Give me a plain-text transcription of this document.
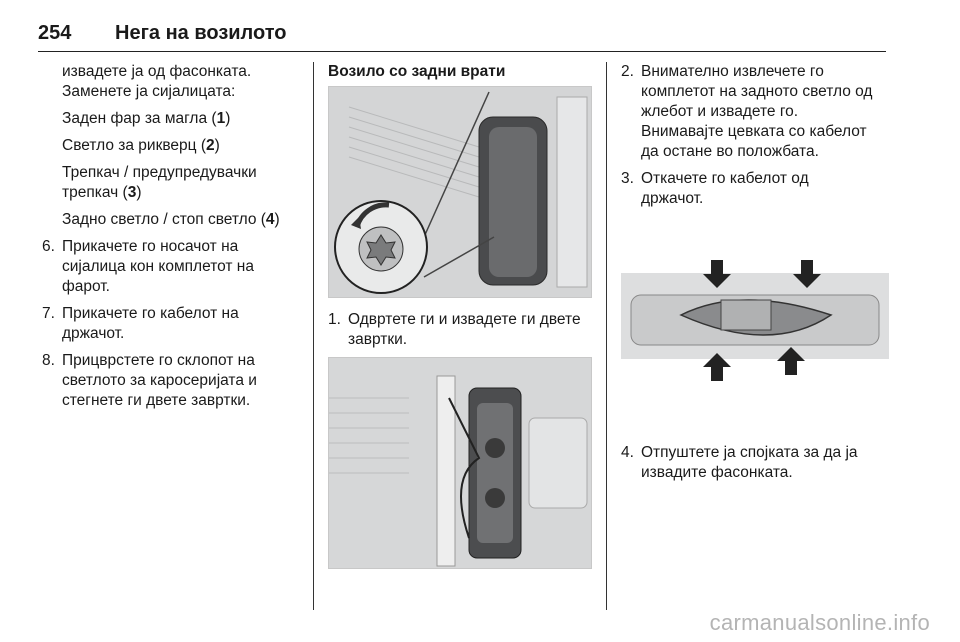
254 Нега на возилото
извадете ја од фасонката.
Заменете ја сијалицата:
Заден фар за магла (1)
Светло за рикверц (2)
Трепкач / предупредувачки
трепкач (3)
Задно светло / стоп светло (4)
6. Прикачете го носачот на
сијалица кон комплетот на
фарот.
7. Прикачете го кабелот на
држачот.
8. Прицврстете го склопот на
светлото за каросеријата и
стегнете ги двете завртки.
Возило со задни врати
1. Одвртете ги и извадете ги двете
завртки.
2. Внимателно извлечете го
комплетот на задното светло од
жлебот и извадете го.
Внимавајте цевката со кабелот
да остане во положбата.
3. Откачете го кабелот од
држачот.
4. Отпуштете ја спојката за да ја
извадите фасонката.
carmanualsonline.info
